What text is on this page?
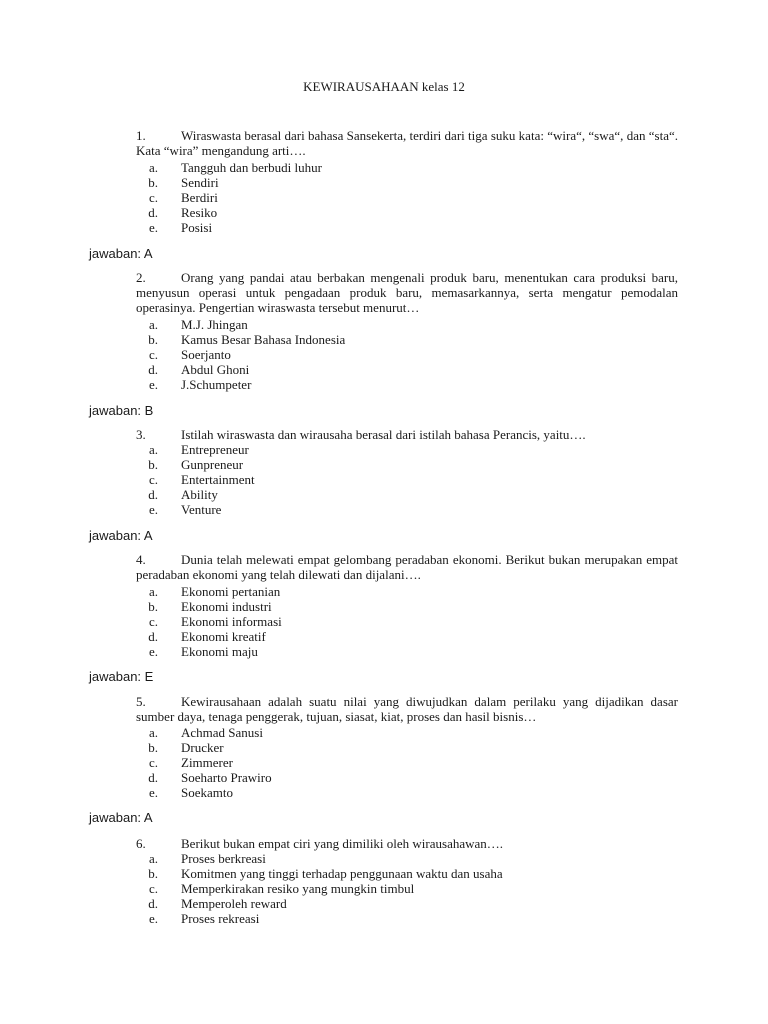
KEWIRAUSAHAAN kelas 12
1.	Wiraswasta berasal dari bahasa Sansekerta, terdiri dari tiga suku kata: “wira“, “swa“, dan “sta“. Kata “wira” mengandung arti….
a. Tangguh dan berbudi luhur
b. Sendiri
c. Berdiri
d. Resiko
e. Posisi
jawaban: A
2.	Orang yang pandai atau berbakan mengenali produk baru, menentukan cara produksi baru, menyusun operasi untuk pengadaan produk baru, memasarkannya, serta mengatur pemodalan operasinya. Pengertian wiraswasta tersebut menurut…
a. M.J. Jhingan
b. Kamus Besar Bahasa Indonesia
c. Soerjanto
d. Abdul Ghoni
e. J.Schumpeter
jawaban: B
3.	Istilah wiraswasta dan wirausaha berasal dari istilah bahasa Perancis, yaitu….
a. Entrepreneur
b. Gunpreneur
c. Entertainment
d. Ability
e. Venture
jawaban: A
4.	Dunia telah melewati empat gelombang peradaban ekonomi. Berikut bukan merupakan empat peradaban ekonomi yang telah dilewati dan dijalani….
a. Ekonomi pertanian
b. Ekonomi industri
c. Ekonomi informasi
d. Ekonomi kreatif
e. Ekonomi maju
jawaban: E
5.	Kewirausahaan adalah suatu nilai yang diwujudkan dalam perilaku yang dijadikan dasar sumber daya, tenaga penggerak, tujuan, siasat, kiat, proses dan hasil bisnis…
a. Achmad Sanusi
b. Drucker
c. Zimmerer
d. Soeharto Prawiro
e. Soekamto
jawaban: A
6.	Berikut bukan empat ciri yang dimiliki oleh wirausahawan….
a. Proses berkreasi
b. Komitmen yang tinggi terhadap penggunaan waktu dan usaha
c. Memperkirakan resiko yang mungkin timbul
d. Memperoleh reward
e. Proses rekreasi
